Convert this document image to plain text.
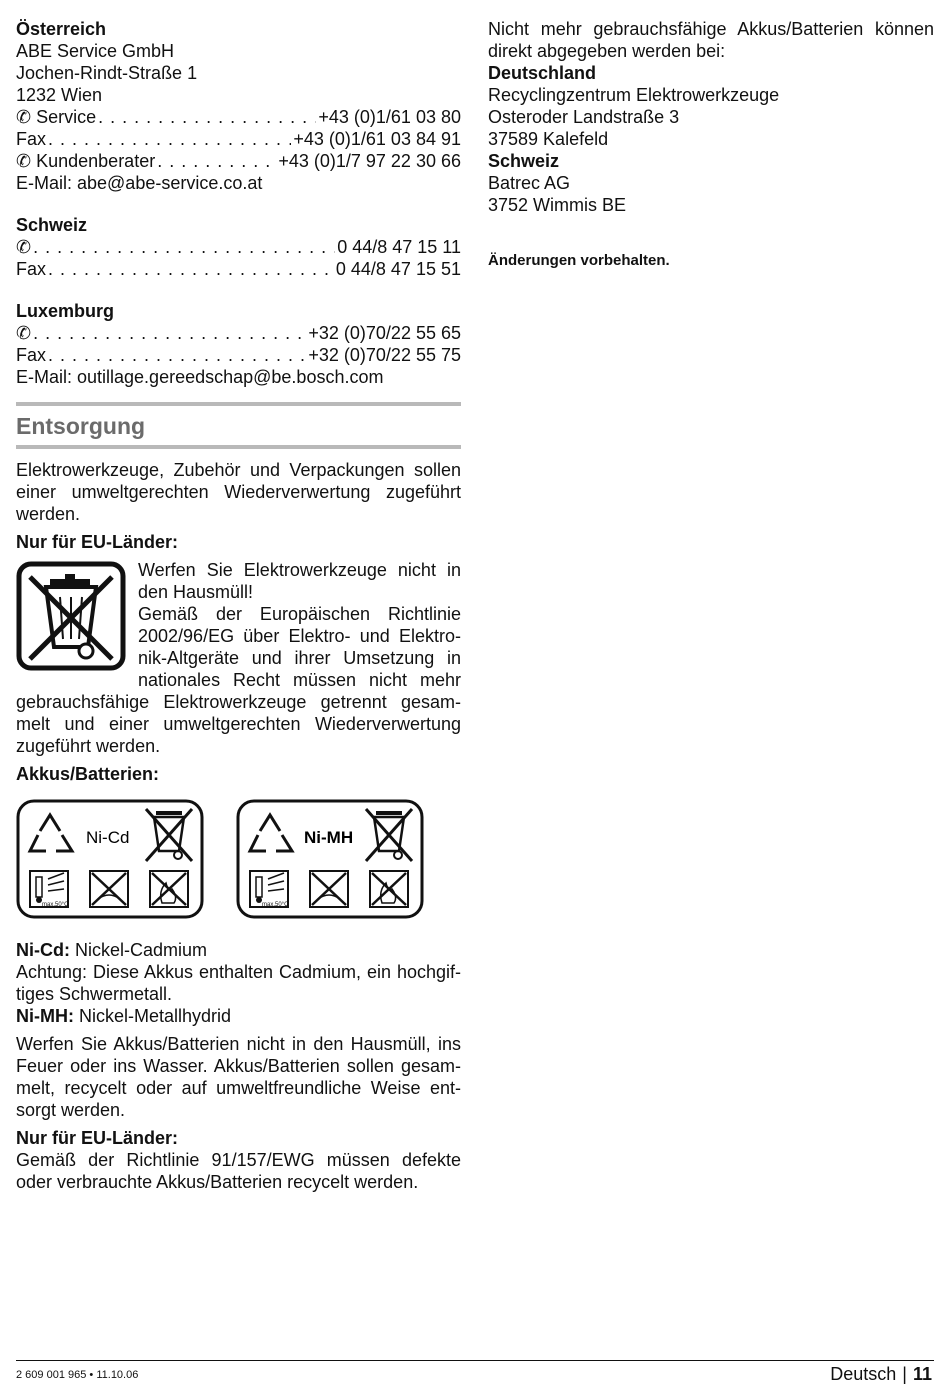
Österreich
ABE Service GmbH
Jochen-Rindt-Straße 1
1232 Wien
✆ Service . . .	+43 (0)1/61 03 80
Fax . . .	+43 (0)1/61 03 84 91
✆ Kundenberater . . .	+43 (0)1/7 97 22 30 66
E-Mail: abe@abe-service.co.at
Schweiz
✆ . . .	0 44/8 47 15 11
Fax . . .	0 44/8 47 15 51
Luxemburg
✆ . . .	+32 (0)70/22 55 65
Fax . . .	+32 (0)70/22 55 75
E-Mail: outillage.gereedschap@be.bosch.com
Entsorgung
Elektrowerkzeuge, Zubehör und Verpackungen sollen einer umweltgerechten Wiederverwertung zugeführt werden.
Nur für EU-Länder:
Werfen Sie Elektrowerkzeuge nicht in
den Hausmüll!
Gemäß der Europäischen Richtlinie
2002/96/EG über Elektro- und Elektro-
nik-Altgeräte und ihrer Umsetzung in
nationales Recht müssen nicht mehr
gebrauchsfähige Elektrowerkzeuge getrennt gesam-melt und einer umweltgerechten Wiederverwertung zugeführt werden.
Akkus/Batterien:
Ni-Cd
max.50°C
Ni-MH
max.50°C
Ni-Cd: Nickel-Cadmium
Achtung: Diese Akkus enthalten Cadmium, ein hochgif-tiges Schwermetall.
Ni-MH: Nickel-Metallhydrid
Werfen Sie Akkus/Batterien nicht in den Hausmüll, ins Feuer oder ins Wasser. Akkus/Batterien sollen gesam-melt, recycelt oder auf umweltfreundliche Weise ent-sorgt werden.
Nur für EU-Länder:
Gemäß der Richtlinie 91/157/EWG müssen defekte oder verbrauchte Akkus/Batterien recycelt werden.
Nicht mehr gebrauchsfähige Akkus/Batterien können direkt abgegeben werden bei:
Deutschland
Recyclingzentrum Elektrowerkzeuge
Osteroder Landstraße 3
37589 Kalefeld
Schweiz
Batrec AG
3752 Wimmis BE
Änderungen vorbehalten.
2 609 001 965 • 11.10.06	Deutsch | 11
